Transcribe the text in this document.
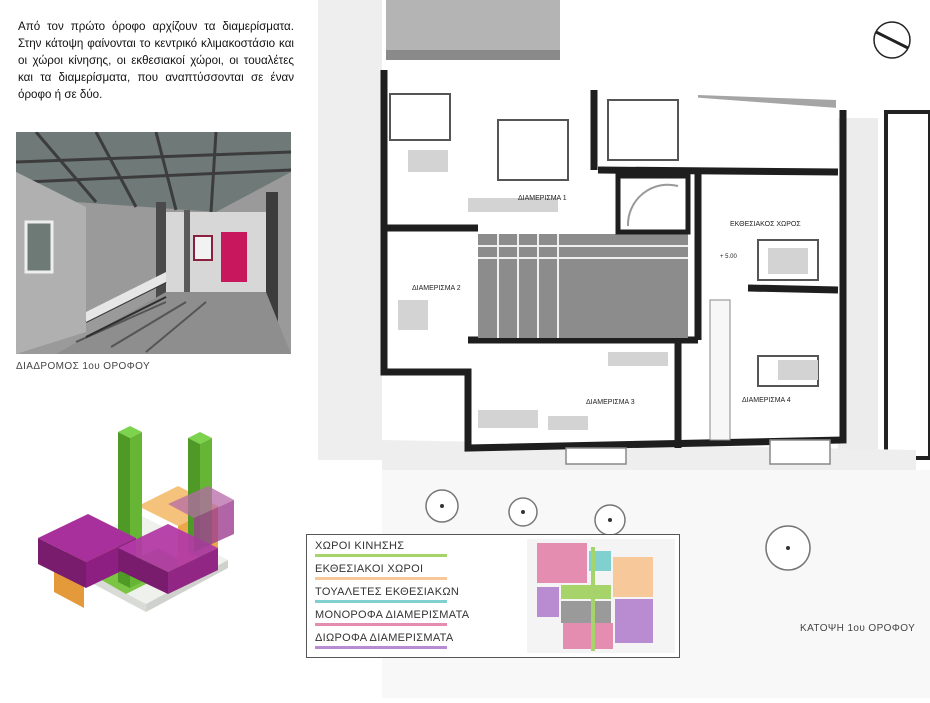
Από τον πρώτο όροφο αρχίζουν τα διαμερίσματα. Στην κάτοψη φαίνονται το κεντρικό κλιμακοστάσιο και οι χώροι κίνησης, οι εκθεσιακοί χώροι, οι τουαλέτες και τα διαμερίσματα, που αναπτύσσονται σε έναν όροφο ή σε δύο.
ΔΙΑΔΡΟΜΟΣ 1ου ΟΡΟΦΟΥ
ΔΙΑΜΕΡΙΣΜΑ 1
ΔΙΑΜΕΡΙΣΜΑ 2
ΔΙΑΜΕΡΙΣΜΑ 3	ΔΙΑΜΕΡΙΣΜΑ 4
ΕΚΘΕΣΙΑΚΟΣ ΧΩΡΟΣ
+ 5.00
ΚΑΤΟΨΗ 1ου ΟΡΟΦΟΥ
ΧΩΡΟΙ ΚΙΝΗΣΗΣ
ΕΚΘΕΣΙΑΚΟΙ ΧΩΡΟΙ
ΤΟΥΑΛΕΤΕΣ ΕΚΘΕΣΙΑΚΩΝ
ΜΟΝΟΡΟΦΑ ΔΙΑΜΕΡΙΣΜΑΤΑ
ΔΙΩΡΟΦΑ ΔΙΑΜΕΡΙΣΜΑΤΑ
